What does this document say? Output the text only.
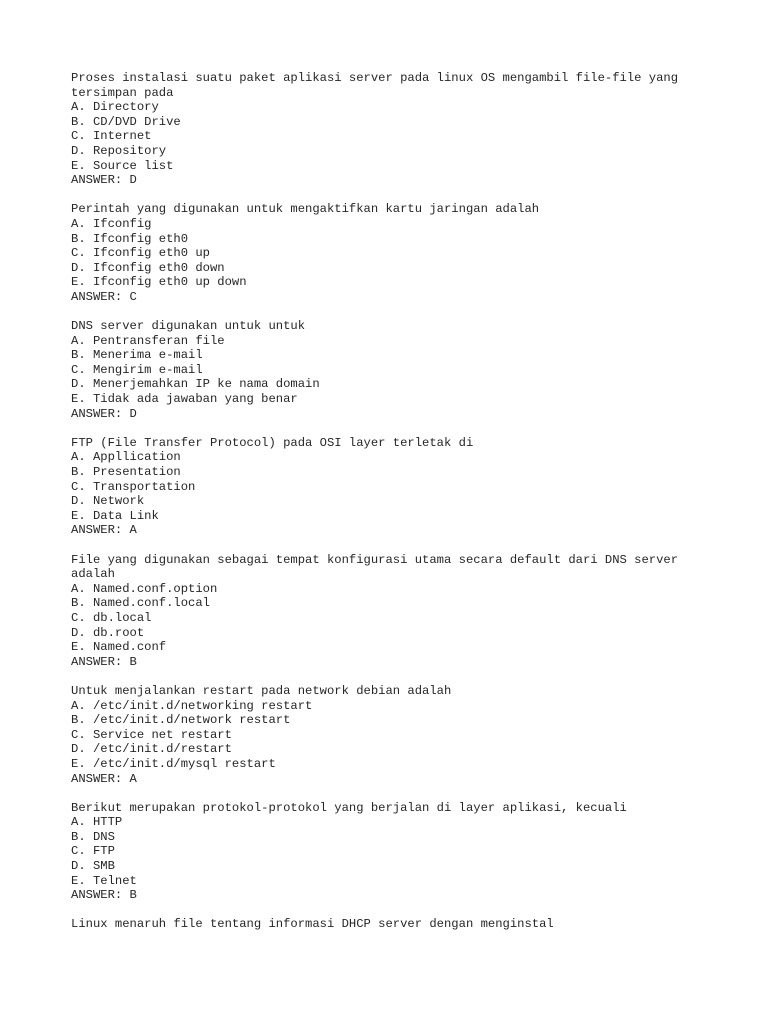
Proses instalasi suatu paket aplikasi server pada linux OS mengambil file-file yang tersimpan pada
A. Directory
B. CD/DVD Drive
C. Internet
D. Repository
E. Source list
ANSWER: D
Perintah yang digunakan untuk mengaktifkan kartu jaringan adalah
A. Ifconfig
B. Ifconfig eth0
C. Ifconfig eth0 up
D. Ifconfig eth0 down
E. Ifconfig eth0 up down
ANSWER: C
DNS server digunakan untuk untuk
A. Pentransferan file
B. Menerima e-mail
C. Mengirim e-mail
D. Menerjemahkan IP ke nama domain
E. Tidak ada jawaban yang benar
ANSWER: D
FTP (File Transfer Protocol) pada OSI layer terletak di
A. Appllication
B. Presentation
C. Transportation
D. Network
E. Data Link
ANSWER: A
File yang digunakan sebagai tempat konfigurasi utama secara default dari DNS server adalah
A. Named.conf.option
B. Named.conf.local
C. db.local
D. db.root
E. Named.conf
ANSWER: B
Untuk menjalankan restart pada network debian adalah
A. /etc/init.d/networking restart
B. /etc/init.d/network restart
C. Service net restart
D. /etc/init.d/restart
E. /etc/init.d/mysql restart
ANSWER: A
Berikut merupakan protokol-protokol yang berjalan di layer aplikasi, kecuali
A. HTTP
B. DNS
C. FTP
D. SMB
E. Telnet
ANSWER: B
Linux menaruh file tentang informasi DHCP server dengan menginstal
